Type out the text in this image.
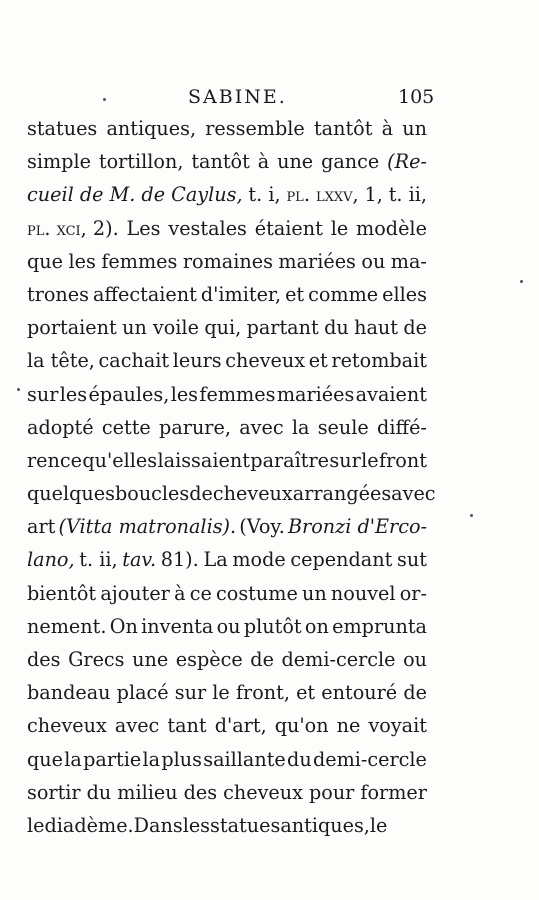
SABINE.	105
statues antiques, ressemble tantôt à un
simple tortillon, tantôt à une gance (Re-
cueil de M. de Caylus, t. i, pl. lxxv, 1, t. ii,
pl. xci, 2). Les vestales étaient le modèle
que les femmes romaines mariées ou ma-
trones affectaient d'imiter, et comme elles
portaient un voile qui, partant du haut de
la tête, cachait leurs cheveux et retombait
sur les épaules, les femmes mariées avaient
adopté cette parure, avec la seule diffé-
rence qu'elles laissaient paraître sur le front
quelques boucles de cheveux arrangées avec
art (Vitta matronalis). (Voy. Bronzi d'Erco-
lano, t. ii, tav. 81). La mode cependant sut
bientôt ajouter à ce costume un nouvel or-
nement. On inventa ou plutôt on emprunta
des Grecs une espèce de demi-cercle ou
bandeau placé sur le front, et entouré de
cheveux avec tant d'art, qu'on ne voyait
que la partie la plus saillante du demi-cercle
sortir du milieu des cheveux pour former
le diadème. Dans les statues antiques, le
